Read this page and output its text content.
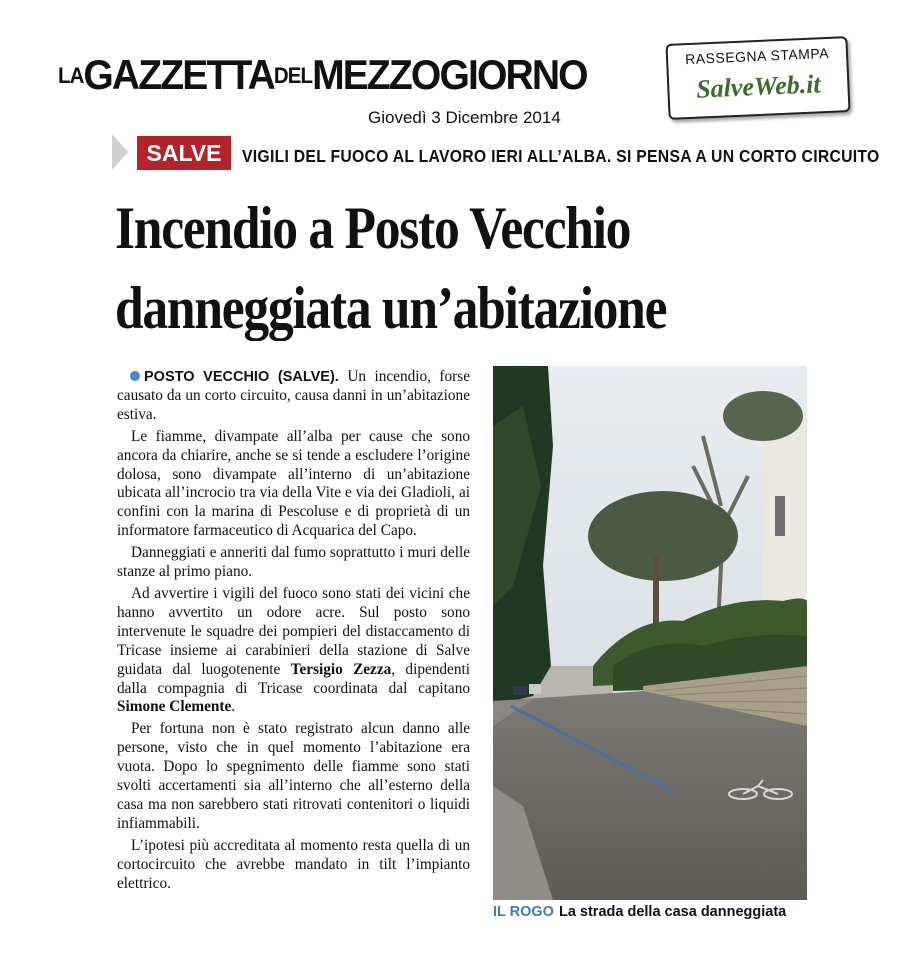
LAGAZZETTADELMEZZOGIORNO
Giovedì 3 Dicembre 2014
RASSEGNA STAMPA
SalveWeb.it
SALVE	VIGILI DEL FUOCO AL LAVORO IERI ALL’ALBA. SI PENSA A UN CORTO CIRCUITO
Incendio a Posto Vecchio
danneggiata un’abitazione

POSTO VECCHIO (SALVE). Un incendio, forse causato da un corto circuito, causa danni in un’abitazione estiva.

Le fiamme, divampate all’alba per cause che sono ancora da chiarire, anche se si tende a escludere l’origine dolosa, sono divampate all’interno di un’abitazione ubicata all’incrocio tra via della Vite e via dei Gladioli, ai confini con la marina di Pescoluse e di proprietà di un informatore farmaceutico di Acquarica del Capo.

Danneggiati e anneriti dal fumo soprattutto i muri delle stanze al primo piano.

Ad avvertire i vigili del fuoco sono stati dei vicini che hanno avvertito un odore acre. Sul posto sono intervenute le squadre dei pompieri del distaccamento di Tricase insieme ai carabinieri della stazione di Salve guidata dal luogotenente Tersigio Zezza, dipendenti dalla compagnia di Tricase coordinata dal capitano Simone Clemente.

Per fortuna non è stato registrato alcun danno alle persone, visto che in quel momento l’abitazione era vuota. Dopo lo spegnimento delle fiamme sono stati svolti accertamenti sia all’interno che all’esterno della casa ma non sarebbero stati ritrovati contenitori o liquidi infiammabili.

L’ipotesi più accreditata al momento resta quella di un cortocircuito che avrebbe mandato in tilt l’impianto elettrico.

IL ROGO La strada della casa danneggiata
